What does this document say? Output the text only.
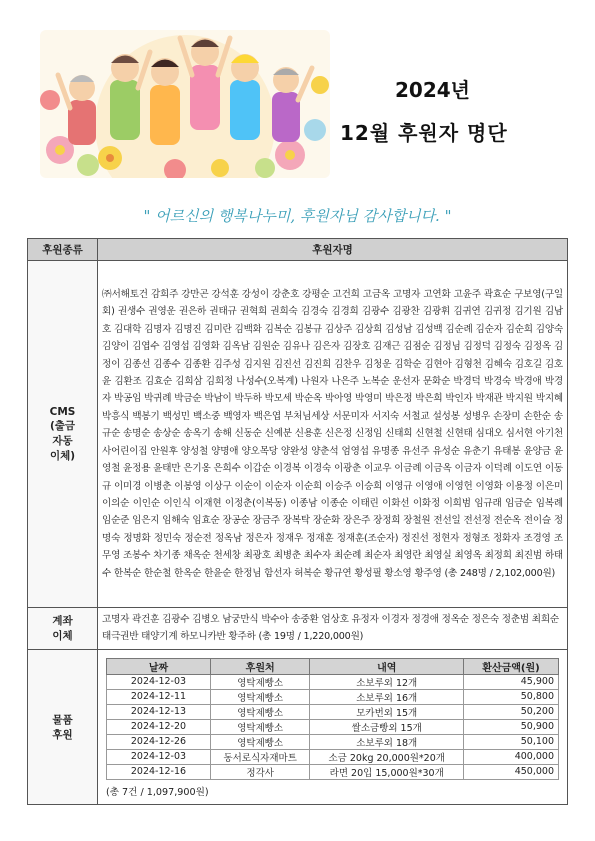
2024년
12월 후원자 명단
" 어르신의 행복나누미, 후원자님 감사합니다. "
후원종류	후원자명
CMS
(출금
자동
이체)	㈜서해토건 감희주 강만곤 강석훈 강성이 강춘호 강평순 고건희 고금옥 고명자 고연화 고윤주 곽효순 구보영(구일회) 권생수 권영운 권은하 권태규 권혁희 권희숙 김경숙 김경희 김광수 김광찬 김광휘 김귀연 김귀정 김기원 김남호 김대학 김명자 김명진 김미란 김백화 김복순 김봉규 김상주 김상희 김성남 김성백 김순례 김순자 김순희 김양숙 김양이 김엽수 김영섭 김영화 김옥남 김원순 김유나 김은자 김장호 김재근 김점순 김정님 김정덕 김정숙 김정옥 김정이 김종선 김종수 김종환 김주성 김지원 김진선 김진희 김찬우 김청운 김학순 김현아 김형천 김혜숙 김호길 김호윤 김환조 김효순 김희삼 김희정 나성수(오복계) 나원자 나은주 노복순 운선자 문화순 박경덕 박경숙 박경애 박경자 박공임 박귀례 박금순 박남이 박두하 박모세 박순옥 박아영 박영미 박은정 박은희 박인자 박재관 박지원 박지혜 박흥식 백봉기 백성민 백소중 백영자 백은엽 부처님세상 서문미자 서지숙 서철교 설성봉 성병우 손장미 손한순 송규순 송명순 송상순 송옥기 송해 신동순 신예분 신용훈 신은정 신정임 신태희 신현철 신현태 심대오 심서현 아기천사어린이집 안원후 양성철 양명애 양오목당 양완성 양춘석 엄영섭 유명종 유선주 유성순 유춘기 유태봉 윤양금 윤영철 윤정용 윤태만 은기옹 은희수 이갑순 이경복 이경숙 이광춘 이교우 이금례 이금옥 이금자 이덕례 이도연 이동규 이미경 이병춘 이봉영 이상구 이순이 이순자 이순희 이승주 이승희 이영규 이영애 이영헌 이영화 이용정 이은미 이의순 이인순 이인식 이재현 이정춘(이복동) 이종남 이종순 이태린 이화선 이화정 이희범 임규래 임금순 임복례 임순준 임은지 임해숙 임효순 장공순 장금주 장복탁 장순화 장은주 장정희 장철원 전선일 전선정 전순옥 전이슬 정명숙 정명화 정민숙 정순전 정옥남 정은자 정재우 정재훈 정재훈(조순자) 정진선 정현자 정형조 정화자 조경영 조무영 조봉수 차기종 채옥순 천세창 최광호 최병춘 최수자 최순례 최순자 최영란 최영실 최영옥 최정희 최진범 하태수 한복순 한순철 한옥순 한윤순 한정님 함선자 허복순 황규연 황성필 황소영 황주영 (총 248명 / 2,102,000원)
계좌
이체	고명자 곽건훈 김광수 김병오 남궁만식 박수아 송중환 엄상호 유정자 이경자 정경애 정옥순 정은숙 정춘범 최희순 태극권반 태양기계 하모니카반 황주하 (총 19명 / 1,220,000원)
물품
후원	
날짜	후원처	내역	환산금액(원)
2024-12-03	영탁제빵소	소보루외 12개	45,900
2024-12-11	영탁제빵소	소보루외 16개	50,800
2024-12-13	영탁제빵소	모카번외 15개	50,200
2024-12-20	영탁제빵소	쌀소금빵외 15개	50,900
2024-12-26	영탁제빵소	소보루외 18개	50,100
2024-12-03	동서로식자재마트	소금 20kg 20,000원*20개	400,000
2024-12-16	정각사	라면 20입 15,000원*30개	450,000
(총 7건 / 1,097,900원)
